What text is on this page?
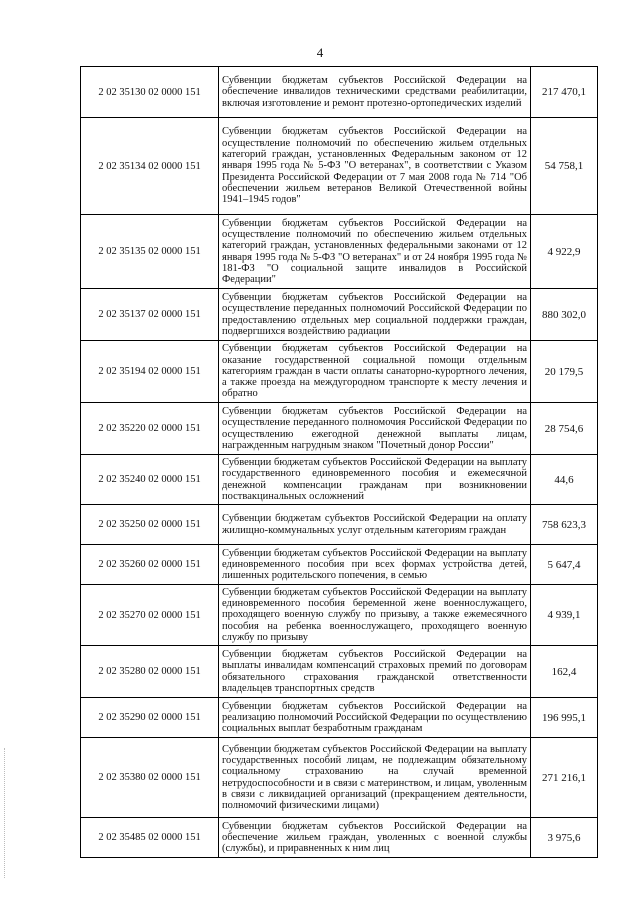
4
2 02 35130 02 0000 151	Субвенции бюджетам субъектов Российской Федерации на обеспечение инвалидов техническими средствами реабилитации, включая изготовление и ремонт протезно-ортопедических изделий	217 470,1
2 02 35134 02 0000 151	Субвенции бюджетам субъектов Российской Федерации на осуществление полномочий по обеспечению жильем отдельных категорий граждан, установленных Федеральным законом от 12 января 1995 года № 5-ФЗ "О ветеранах", в соответствии с Указом Президента Российской Федерации от 7 мая 2008 года № 714 "Об обеспечении жильем ветеранов Великой Отечественной войны 1941–1945 годов"	54 758,1
2 02 35135 02 0000 151	Субвенции бюджетам субъектов Российской Федерации на осуществление полномочий по обеспечению жильем отдельных категорий граждан, установленных федеральными законами от 12 января 1995 года № 5-ФЗ "О ветеранах" и от 24 ноября 1995 года № 181-ФЗ "О социальной защите инвалидов в Российской Федерации"	4 922,9
2 02 35137 02 0000 151	Субвенции бюджетам субъектов Российской Федерации на осуществление переданных полномочий Российской Федерации по предоставлению отдельных мер социальной поддержки граждан, подвергшихся воздействию радиации	880 302,0
2 02 35194 02 0000 151	Субвенции бюджетам субъектов Российской Федерации на оказание государственной социальной помощи отдельным категориям граждан в части оплаты санаторно-курортного лечения, а также проезда на междугородном транспорте к месту лечения и обратно	20 179,5
2 02 35220 02 0000 151	Субвенции бюджетам субъектов Российской Федерации на осуществление переданного полномочия Российской Федерации по осуществлению ежегодной денежной выплаты лицам, награжденным нагрудным знаком "Почетный донор России"	28 754,6
2 02 35240 02 0000 151	Субвенции бюджетам субъектов Российской Федерации на выплату государственного единовременного пособия и ежемесячной денежной компенсации гражданам при возникновении поствакцинальных осложнений	44,6
2 02 35250 02 0000 151	Субвенции бюджетам субъектов Российской Федерации на оплату жилищно-коммунальных услуг отдельным категориям граждан	758 623,3
2 02 35260 02 0000 151	Субвенции бюджетам субъектов Российской Федерации на выплату единовременного пособия при всех формах устройства детей, лишенных родительского попечения, в семью	5 647,4
2 02 35270 02 0000 151	Субвенции бюджетам субъектов Российской Федерации на выплату единовременного пособия беременной жене военнослужащего, проходящего военную службу по призыву, а также ежемесячного пособия на ребенка военнослужащего, проходящего военную службу по призыву	4 939,1
2 02 35280 02 0000 151	Субвенции бюджетам субъектов Российской Федерации на выплаты инвалидам компенсаций страховых премий по договорам обязательного страхования гражданской ответственности владельцев транспортных средств	162,4
2 02 35290 02 0000 151	Субвенции бюджетам субъектов Российской Федерации на реализацию полномочий Российской Федерации по осуществлению социальных выплат безработным гражданам	196 995,1
2 02 35380 02 0000 151	Субвенции бюджетам субъектов Российской Федерации на выплату государственных пособий лицам, не подлежащим обязательному социальному страхованию на случай временной нетрудоспособности и в связи с материнством, и лицам, уволенным в связи с ликвидацией организаций (прекращением деятельности, полномочий физическими лицами)	271 216,1
2 02 35485 02 0000 151	Субвенции бюджетам субъектов Российской Федерации на обеспечение жильем граждан, уволенных с военной службы (службы), и приравненных к ним лиц	3 975,6
